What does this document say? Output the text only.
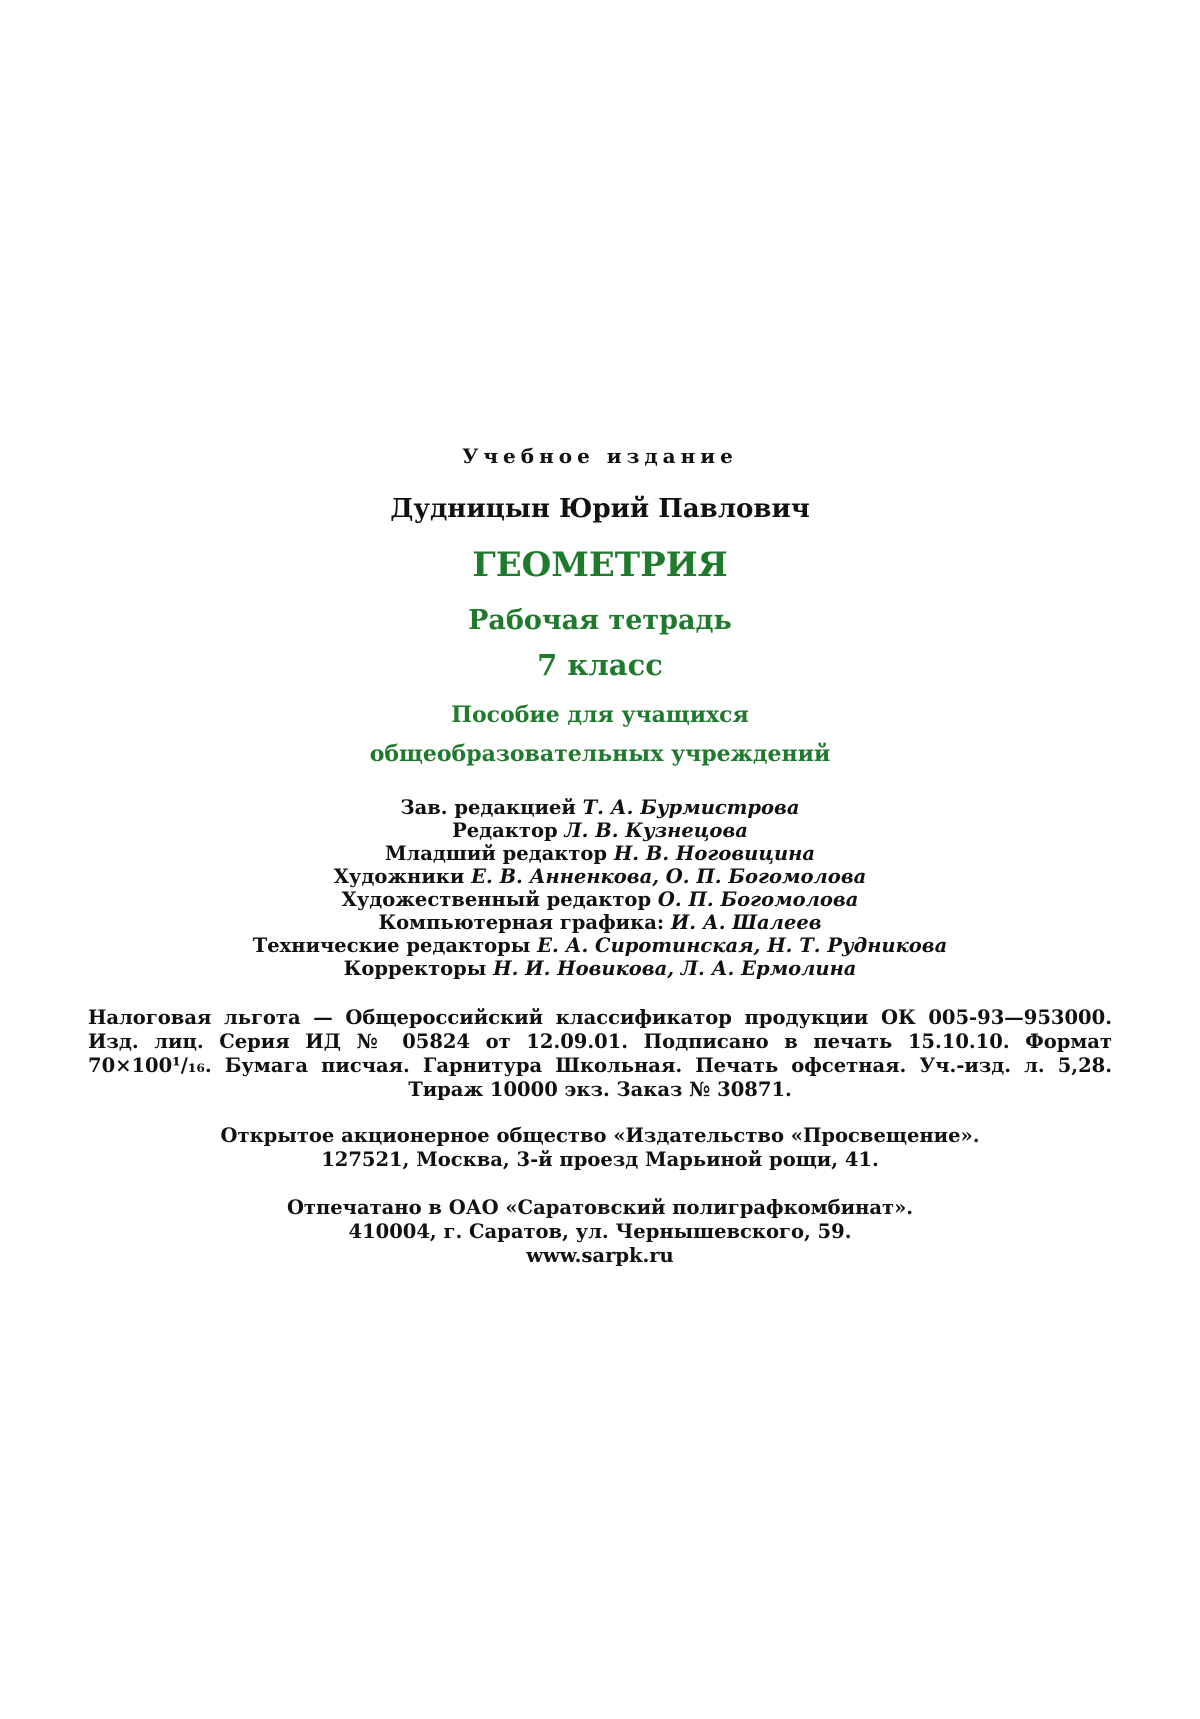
Учебное издание
Дудницын Юрий Павлович
ГЕОМЕТРИЯ
Рабочая тетрадь
7 класс
Пособие для учащихся
общеобразовательных учреждений
Зав. редакцией Т. А. Бурмистрова
Редактор Л. В. Кузнецова
Младший редактор Н. В. Ноговицина
Художники Е. В. Анненкова, О. П. Богомолова
Художественный редактор О. П. Богомолова
Компьютерная графика: И. А. Шалеев
Технические редакторы Е. А. Сиротинская, Н. Т. Рудникова
Корректоры Н. И. Новикова, Л. А. Ермолина
Налоговая льгота — Общероссийский классификатор продукции ОК 005-93—953000.
Изд. лиц. Серия ИД № 05824 от 12.09.01. Подписано в печать 15.10.10. Формат
70×100¹/₁₆. Бумага писчая. Гарнитура Школьная. Печать офсетная. Уч.-изд. л. 5,28.
Тираж 10000 экз. Заказ № 30871.
Открытое акционерное общество «Издательство «Просвещение».
127521, Москва, 3-й проезд Марьиной рощи, 41.
Отпечатано в ОАО «Саратовский полиграфкомбинат».
410004, г. Саратов, ул. Чернышевского, 59.
www.sarpk.ru
